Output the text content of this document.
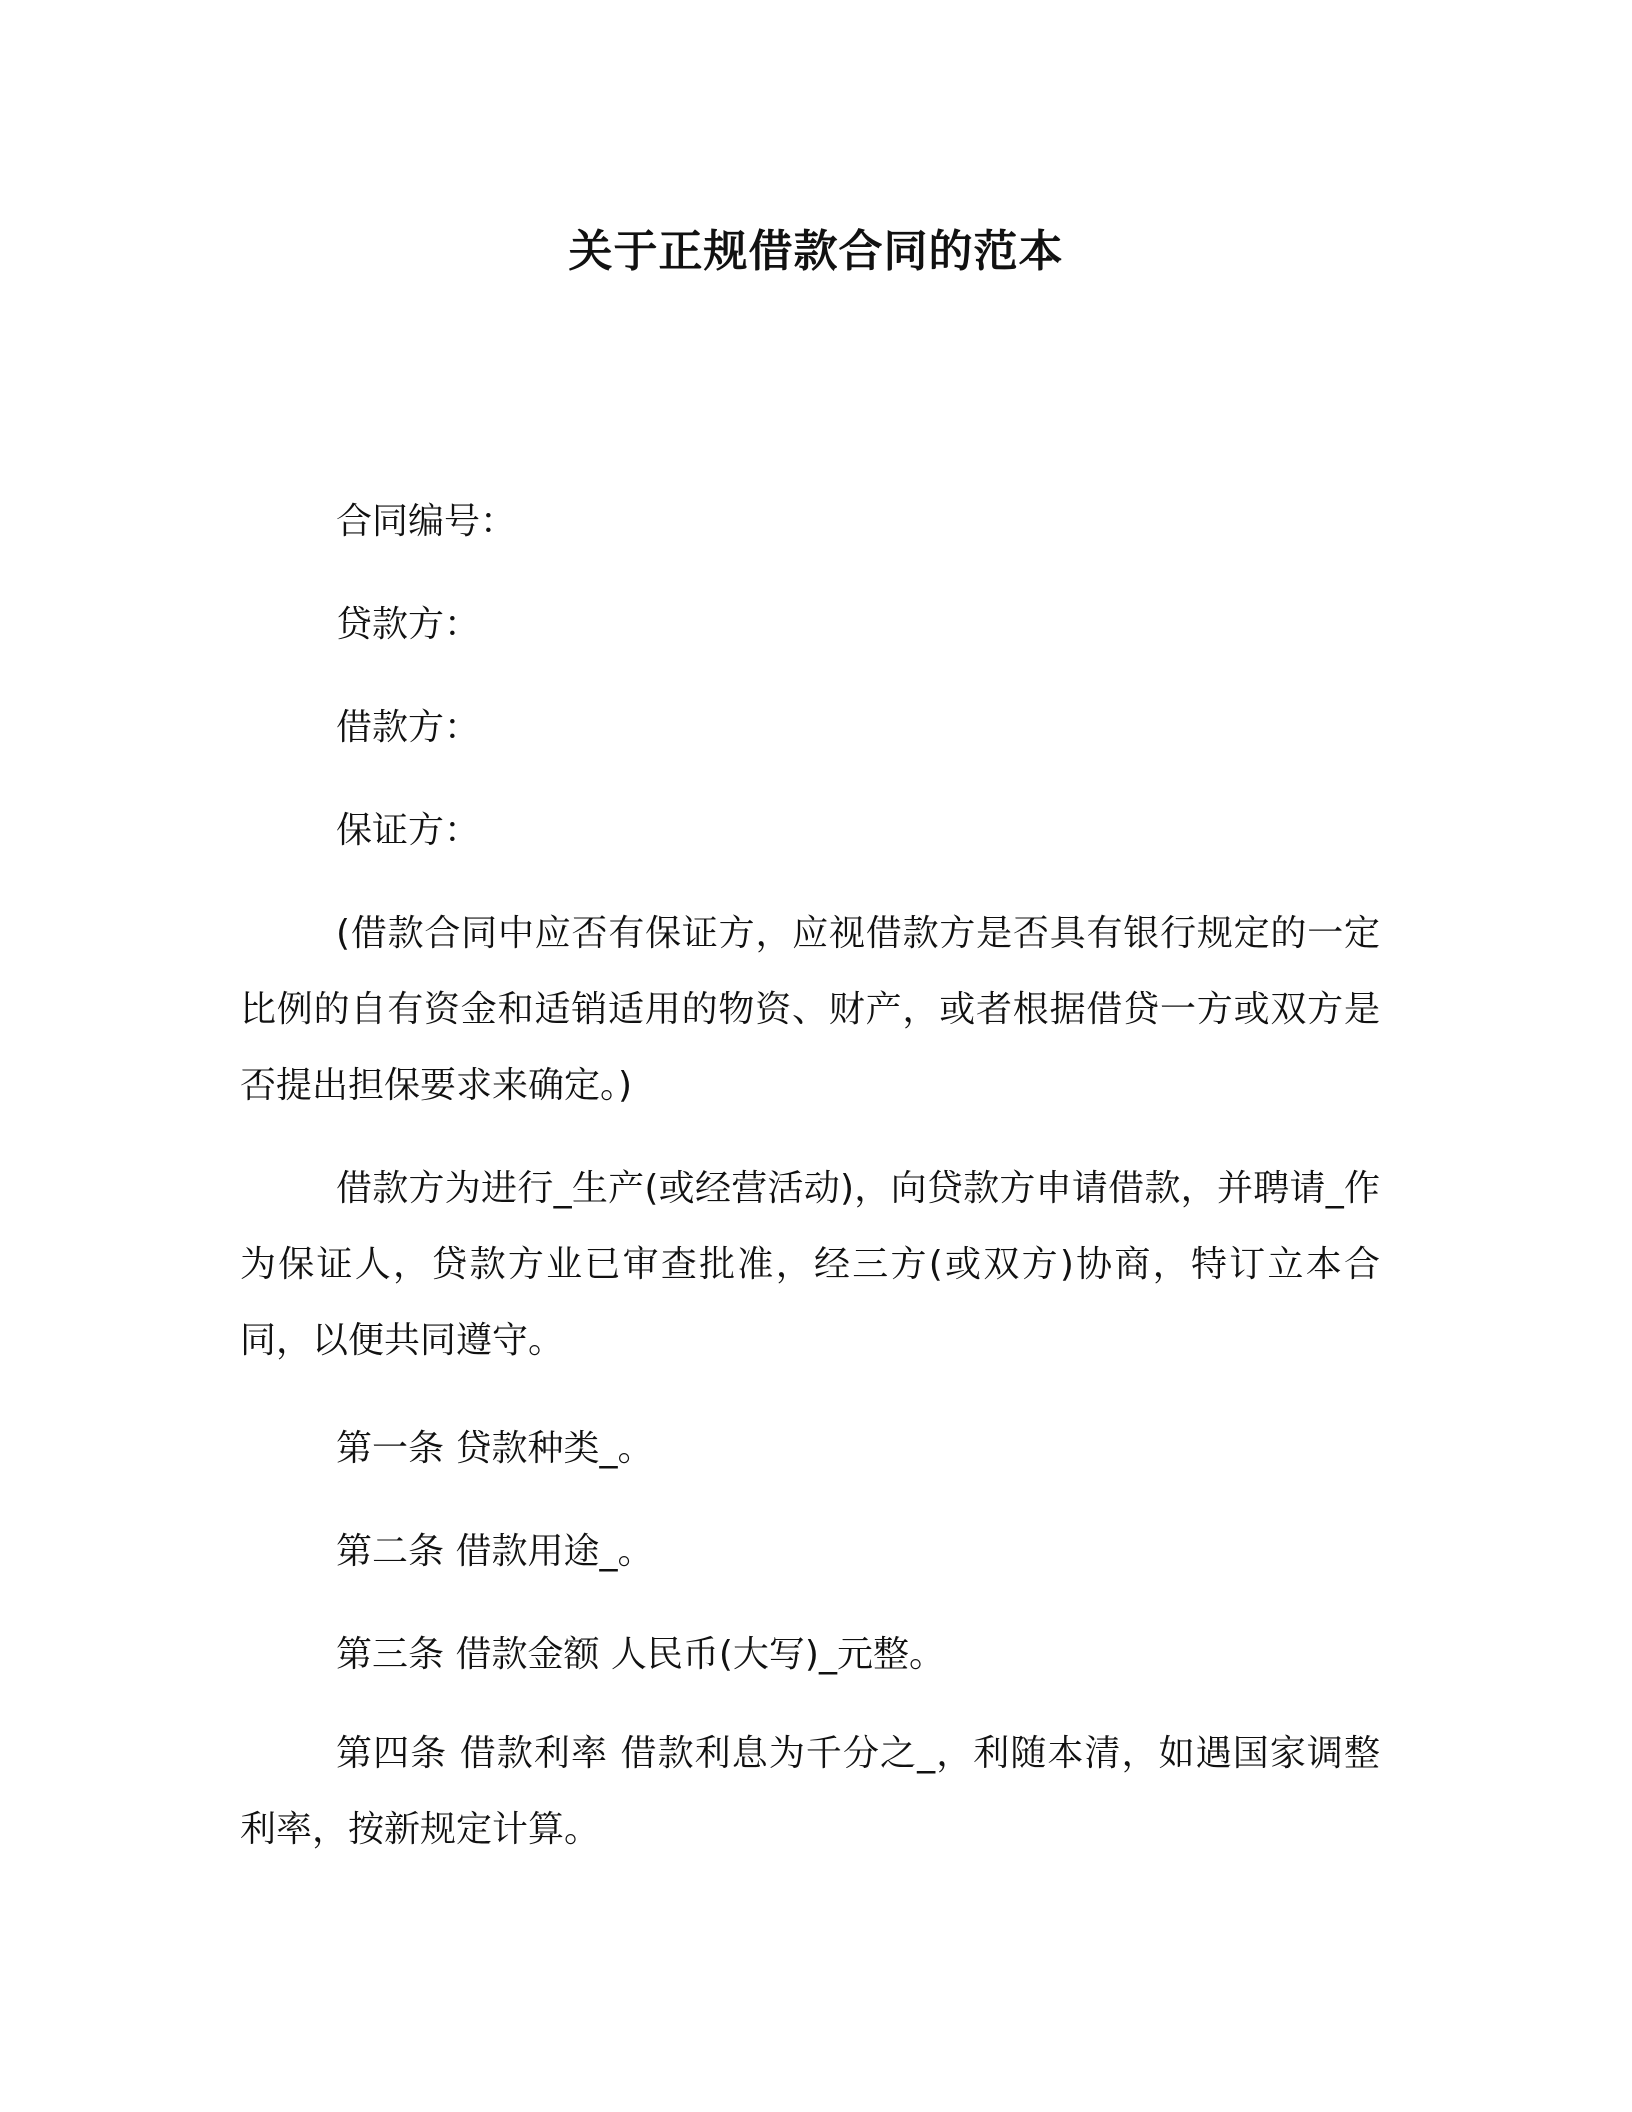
关于正规借款合同的范本

合同编号：

贷款方：

借款方：

保证方：

(借款合同中应否有保证方，应视借款方是否具有银行规定的一定比例的自有资金和适销适用的物资、财产，或者根据借贷一方或双方是否提出担保要求来确定。)

借款方为进行_生产(或经营活动)，向贷款方申请借款，并聘请_作为保证人，贷款方业已审查批准，经三方(或双方)协商，特订立本合同，以便共同遵守。

第一条 贷款种类_。

第二条 借款用途_。

第三条 借款金额 人民币(大写)_元整。

第四条 借款利率 借款利息为千分之_，利随本清，如遇国家调整利率，按新规定计算。
